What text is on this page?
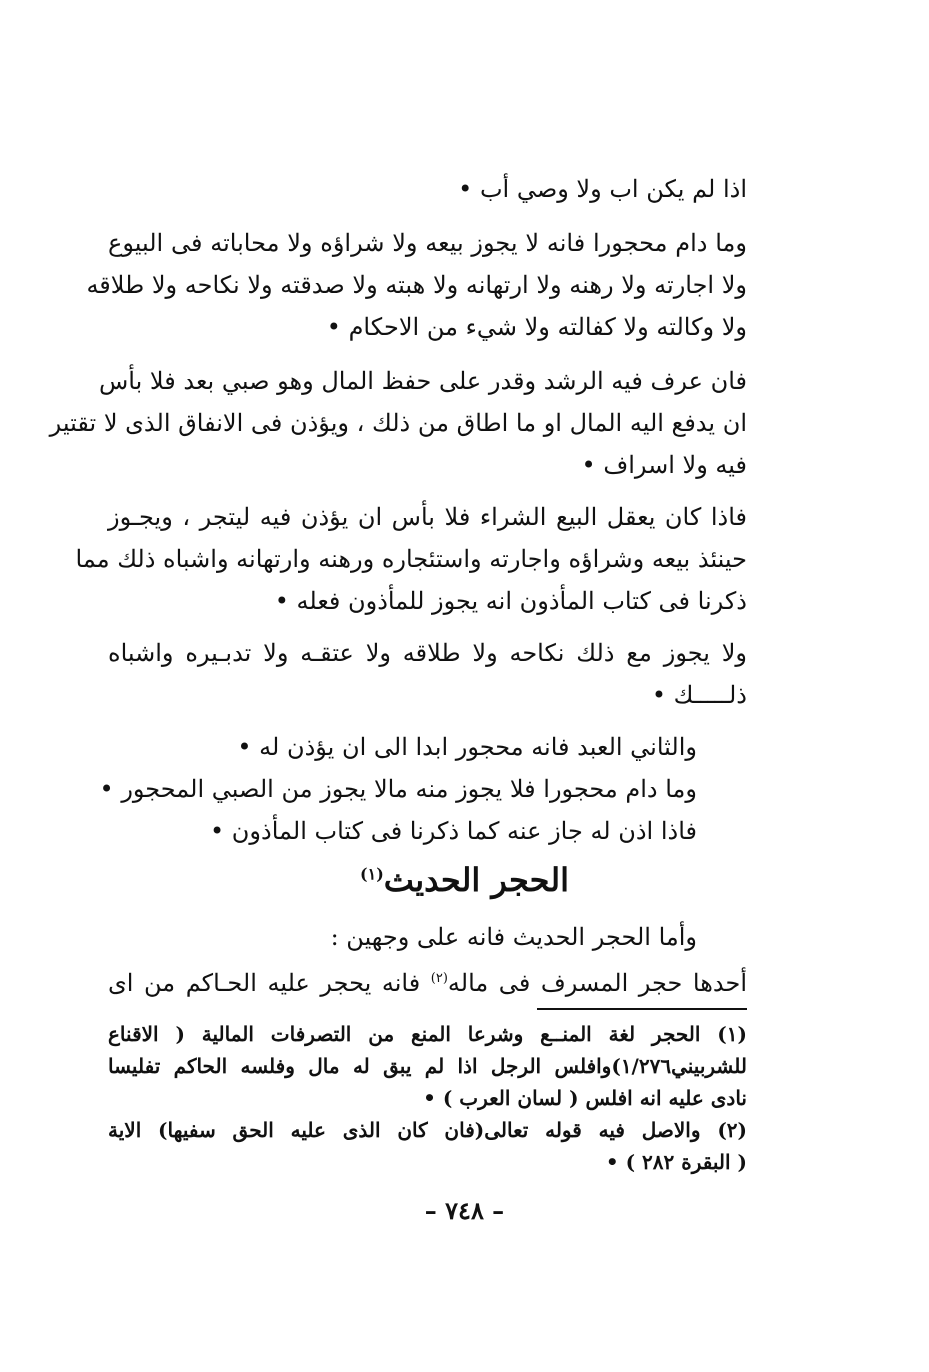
اذا لم يكن اب ولا وصي أب •
وما دام محجورا فانه لا يجوز بيعه ولا شراؤه ولا محاباته فى البيوع
ولا اجارته ولا رهنه ولا ارتهانه ولا هبته ولا صدقته ولا نكاحه ولا طلاقه
ولا وكالته ولا كفالته ولا شيء من الاحكام •
فان عرف فيه الرشد وقدر على حفظ المال وهو صبي بعد فلا بأس
ان يدفع اليه المال او ما اطاق من ذلك ، ويؤذن فى الانفاق الذى لا تقتير
فيه ولا اسراف •
فاذا كان يعقل البيع الشراء فلا بأس ان يؤذن فيه ليتجر ، ويجـوز
حينئذ بيعه وشراؤه واجارته واستئجاره ورهنه وارتهانه واشباه ذلك مما
ذكرنا فى كتاب المأذون انه يجوز للمأذون فعله •
ولا يجوز مع ذلك نكاحه ولا طلاقه ولا عتقـه ولا تدبـيره واشباه
ذلـــــك •
والثاني العبد فانه محجور ابدا الى ان يؤذن له •
وما دام محجورا فلا يجوز منه مالا يجوز من الصبي المحجور •
فاذا اذن له جاز عنه كما ذكرنا فى كتاب المأذون •
الحجر الحديث$^{(١)}$
وأما الحجر الحديث فانه على وجهين :
أحدها حجر المسرف فى ماله$^{(٢)}$ فانه يحجر عليه الحـاكم من اى
(١) الحجر لغة المنــع وشرعا المنع من التصرفات المالية ( الاقناع
للشربيني١/٢٧٦)وافلس الرجل اذا لم يبق له مال وفلسه الحاكم تفليسا
نادى عليه انه افلس ( لسان العرب ) •
(٢) والاصل فيه قوله تعالى(فان كان الذى عليه الحق سفيها) الاية
( البقرة ٢٨٢ ) •
– ٧٤٨ –
